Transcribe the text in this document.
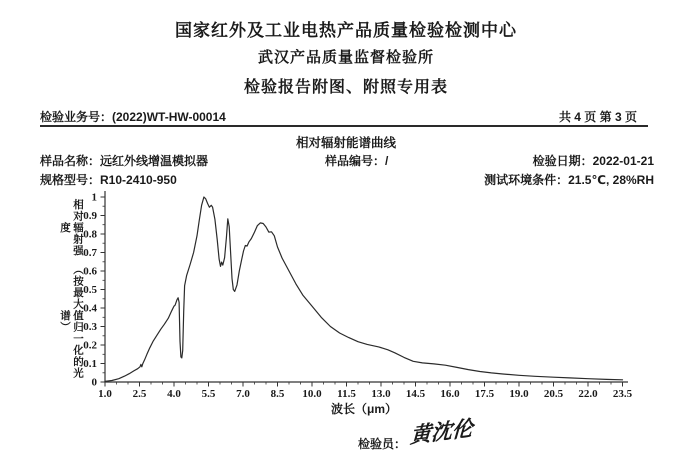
国家红外及工业电热产品质量检验检测中心
武汉产品质量监督检验所
检验报告附图、附照专用表
检验业务号：(2022)WT-HW-00014	共 4 页 第 3 页
相对辐射能谱曲线
样品名称：远红外线增温模拟器	样品编号：/	检验日期：2022-01-21
规格型号：R10-2410-950	测试环境条件：21.5℃, 28%RH
1.0 2.5 4.0 5.5 7.0 8.5 10.0 11.5 13.0 14.5 16.0 17.5 19.0 20.5 22.0 23.5
0
0.1
0.2
0.3
0.4
0.5
0.6
0.7
0.8
0.9
1
相对辐射强度
（按最大值归一化的光谱）
波长（μm）
检验员： 黄沈伦
